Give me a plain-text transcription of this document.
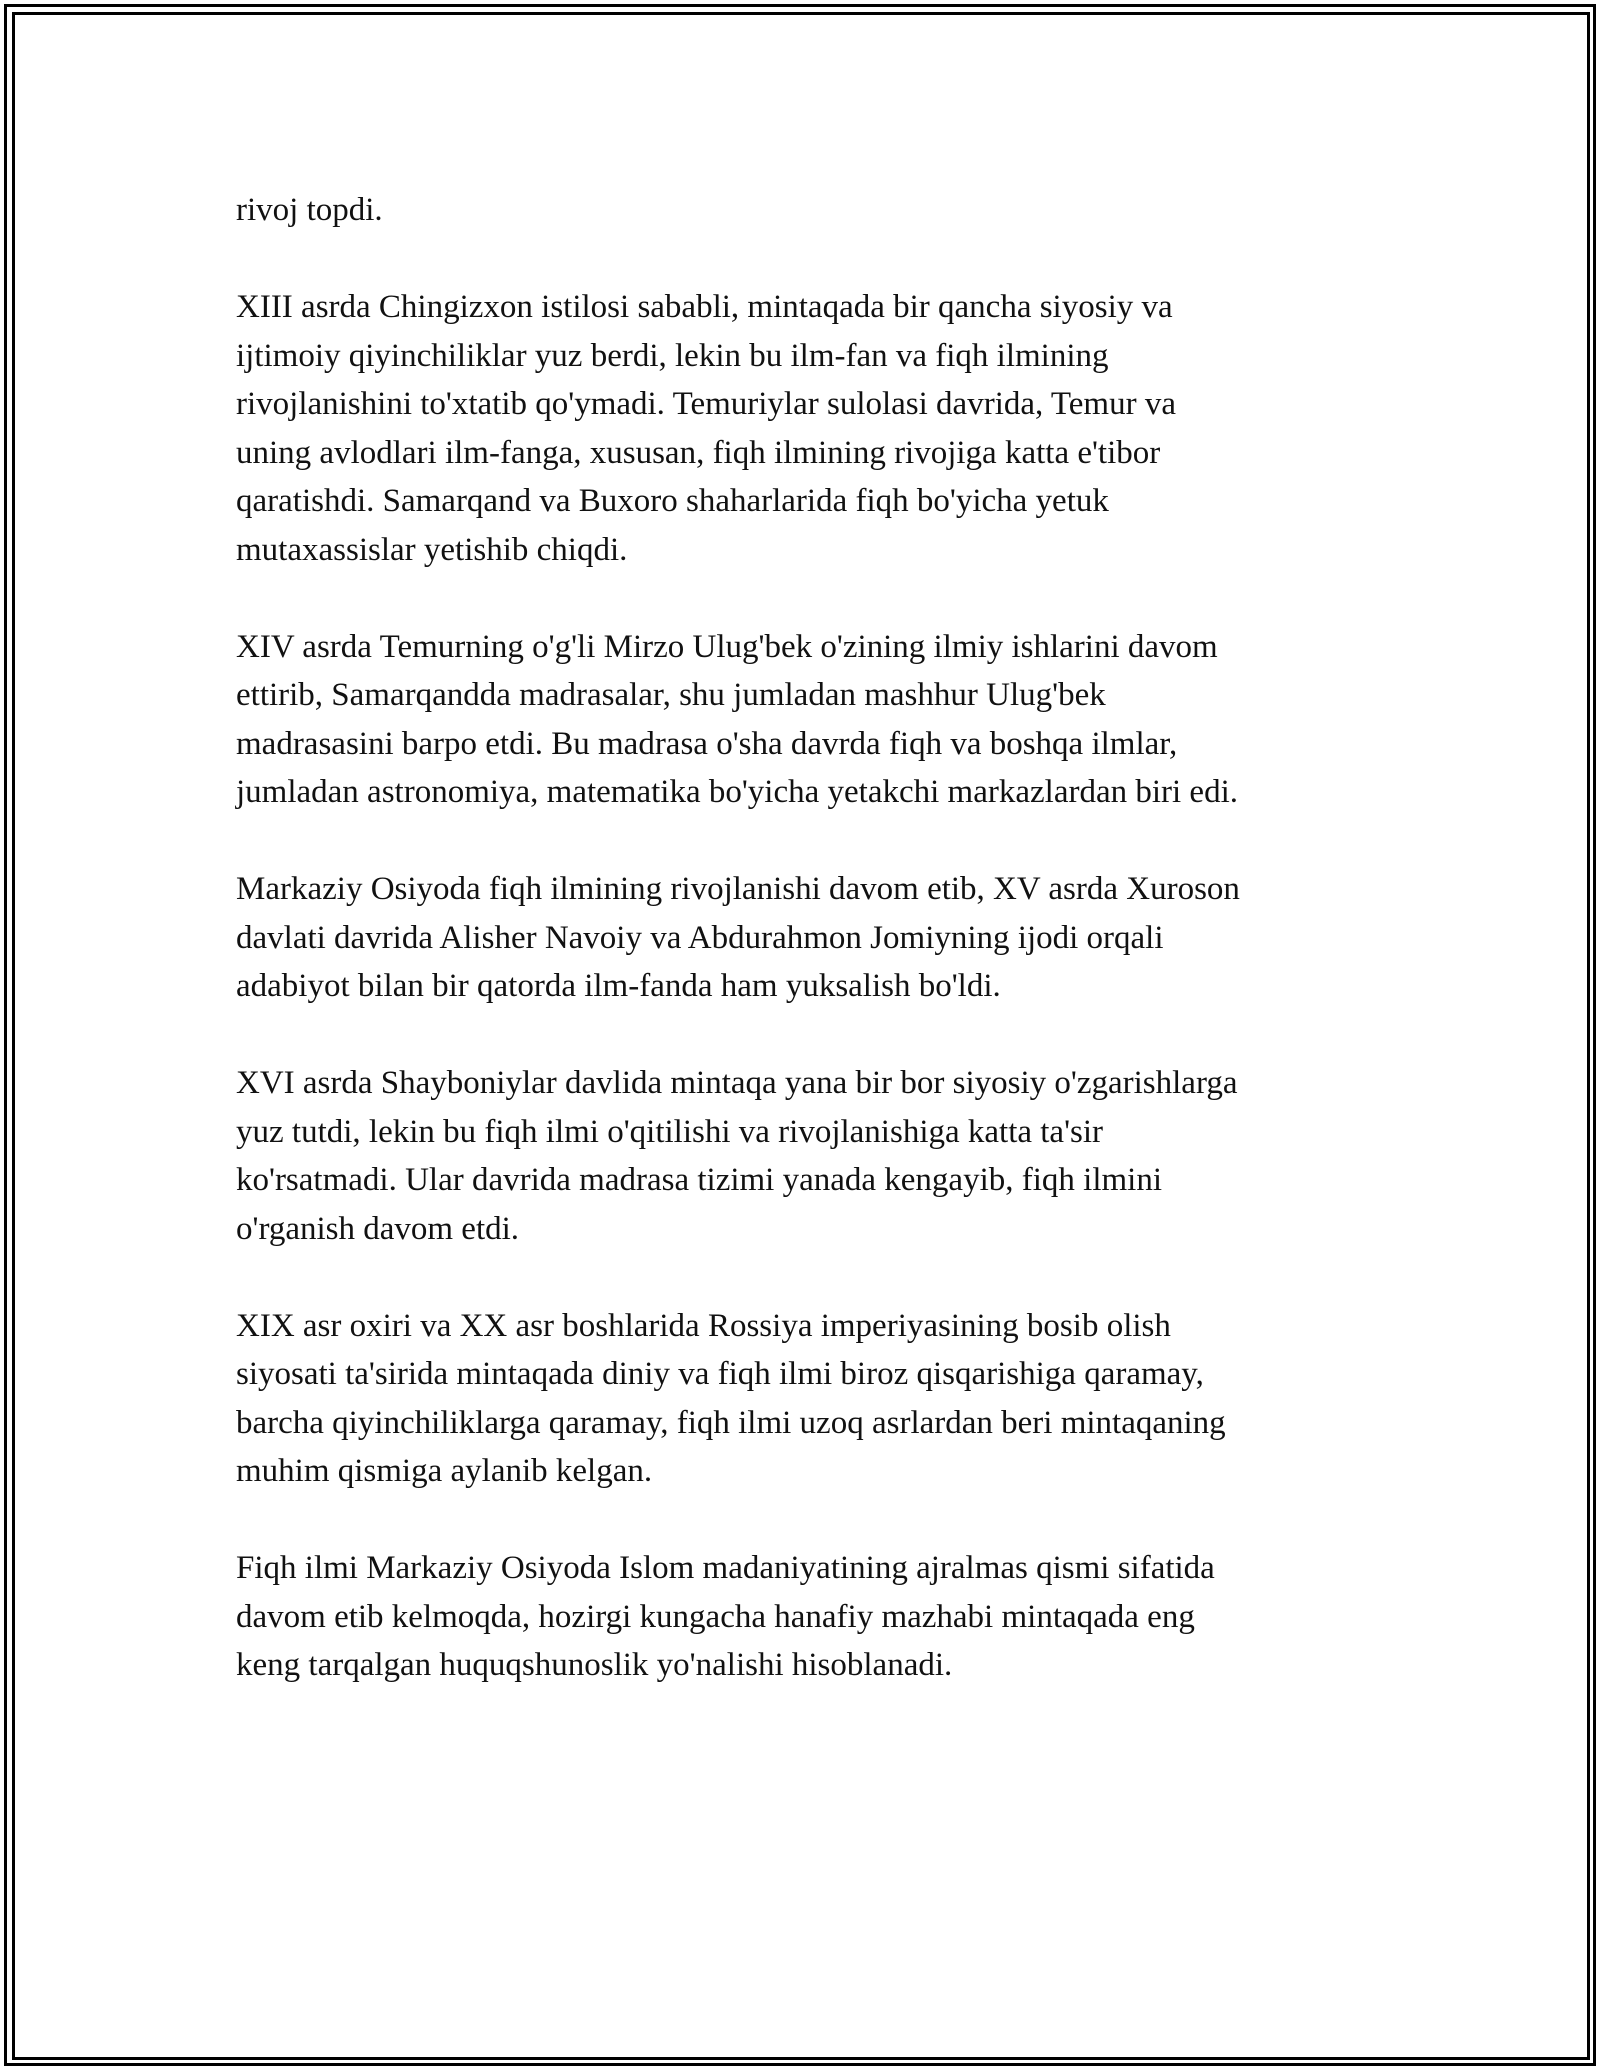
rivoj topdi.

XIII asrda Chingizxon istilosi sababli, mintaqada bir qancha siyosiy va
ijtimoiy qiyinchiliklar yuz berdi, lekin bu ilm-fan va fiqh ilmining
rivojlanishini to'xtatib qo'ymadi. Temuriylar sulolasi davrida, Temur va
uning avlodlari ilm-fanga, xususan, fiqh ilmining rivojiga katta e'tibor
qaratishdi. Samarqand va Buxoro shaharlarida fiqh bo'yicha yetuk
mutaxassislar yetishib chiqdi.

XIV asrda Temurning o'g'li Mirzo Ulug'bek o'zining ilmiy ishlarini davom
ettirib, Samarqandda madrasalar, shu jumladan mashhur Ulug'bek
madrasasini barpo etdi. Bu madrasa o'sha davrda fiqh va boshqa ilmlar,
jumladan astronomiya, matematika bo'yicha yetakchi markazlardan biri edi.

Markaziy Osiyoda fiqh ilmining rivojlanishi davom etib, XV asrda Xuroson
davlati davrida Alisher Navoiy va Abdurahmon Jomiyning ijodi orqali
adabiyot bilan bir qatorda ilm-fanda ham yuksalish bo'ldi.

XVI asrda Shayboniylar davlida mintaqa yana bir bor siyosiy o'zgarishlarga
yuz tutdi, lekin bu fiqh ilmi o'qitilishi va rivojlanishiga katta ta'sir
ko'rsatmadi. Ular davrida madrasa tizimi yanada kengayib, fiqh ilmini
o'rganish davom etdi.

XIX asr oxiri va XX asr boshlarida Rossiya imperiyasining bosib olish
siyosati ta'sirida mintaqada diniy va fiqh ilmi biroz qisqarishiga qaramay,
barcha qiyinchiliklarga qaramay, fiqh ilmi uzoq asrlardan beri mintaqaning
muhim qismiga aylanib kelgan.

Fiqh ilmi Markaziy Osiyoda Islom madaniyatining ajralmas qismi sifatida
davom etib kelmoqda, hozirgi kungacha hanafiy mazhabi mintaqada eng
keng tarqalgan huquqshunoslik yo'nalishi hisoblanadi.
